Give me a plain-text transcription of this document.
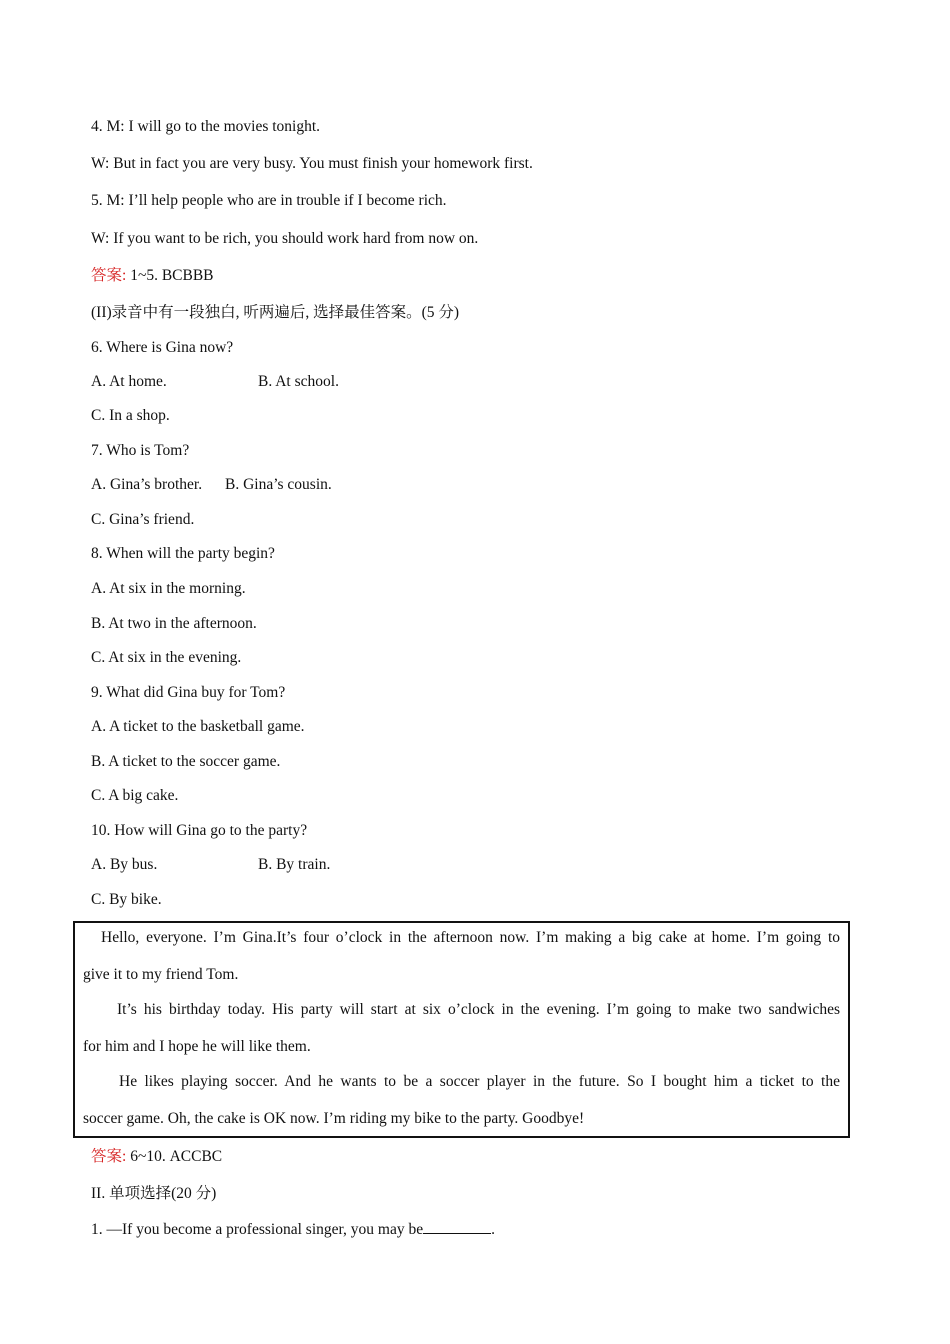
4. M: I will go to the movies tonight.
W: But in fact you are very busy. You must finish your homework first.
5. M: I’ll help people who are in trouble if I become rich.
W: If you want to be rich, you should work hard from now on.
答案: 1~5. BCBBB
(II)录音中有一段独白, 听两遍后, 选择最佳答案。(5 分)
6. Where is Gina now?
A. At home.	B. At school.
C. In a shop.
7. Who is Tom?
A. Gina’s brother. B. Gina’s cousin.
C. Gina’s friend.
8. When will the party begin?
A. At six in the morning.
B. At two in the afternoon.
C. At six in the evening.
9. What did Gina buy for Tom?
A. A ticket to the basketball game.
B. A ticket to the soccer game.
C. A big cake.
10. How will Gina go to the party?
A. By bus.	B. By train.
C. By bike.
Hello, everyone. I’m Gina.It’s four o’clock in the afternoon now. I’m making a big cake at home. I’m going to
give it to my friend Tom.
It’s his birthday today. His party will start at six o’clock in the evening. I’m going to make two sandwiches
for him and I hope he will like them.
He likes playing soccer. And he wants to be a soccer player in the future. So I bought him a ticket to the
soccer game. Oh, the cake is OK now. I’m riding my bike to the party. Goodbye!
答案: 6~10. ACCBC
II. 单项选择(20 分)
1. —If you become a professional singer, you may be	.
